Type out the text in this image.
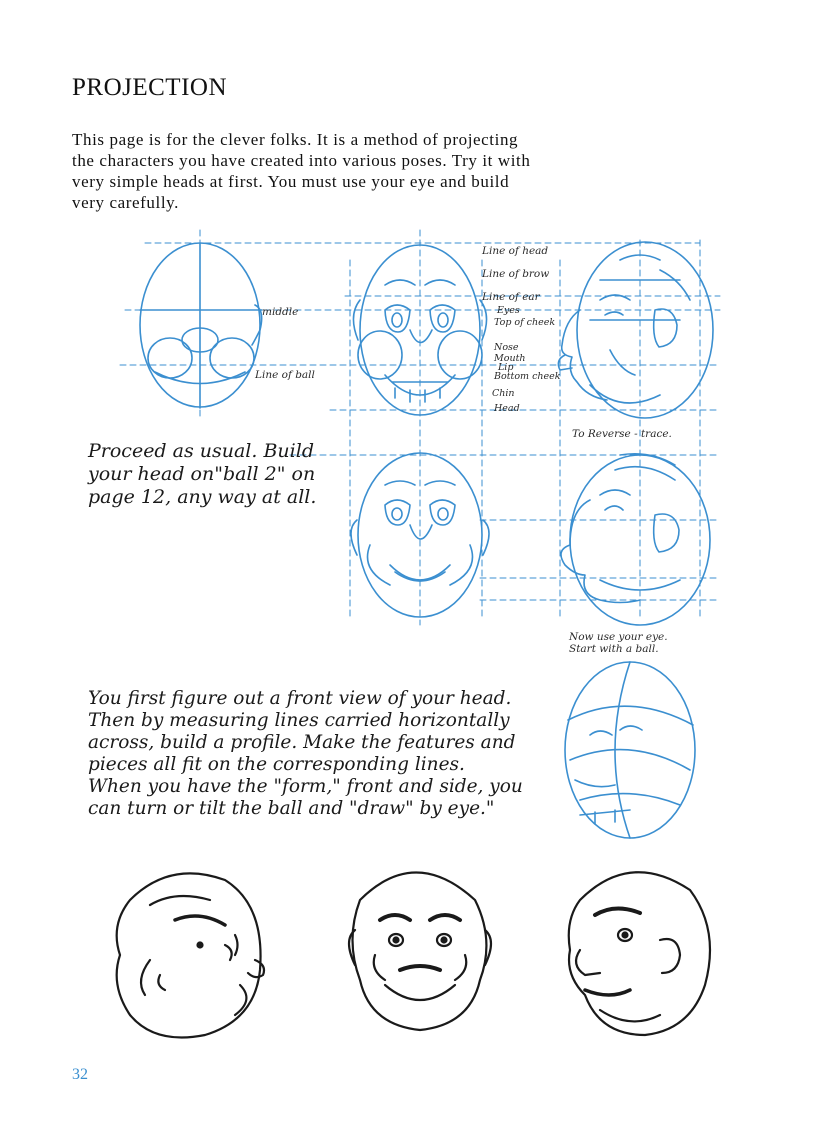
PROJECTION

This page is for the clever folks. It is a method of projecting
the characters you have created into various poses. Try it with
very simple heads at first. You must use your eye and build
very carefully.

middle
Line of ball
Line of head
Line of brow
Line of ear
Eyes
Top of cheek
Nose
Mouth
Lip
Bottom cheek
Chin
Head
To Reverse - trace.
Now use your eye.
Start with a ball.

Proceed as usual. Build
your head on"ball 2" on
page 12, any way at all.

You first figure out a front view of your head.
Then by measuring lines carried horizontally
across, build a profile. Make the features and
pieces all fit on the corresponding lines.
When you have the "form," front and side, you
can turn or tilt the ball and "draw" by eye."

32
